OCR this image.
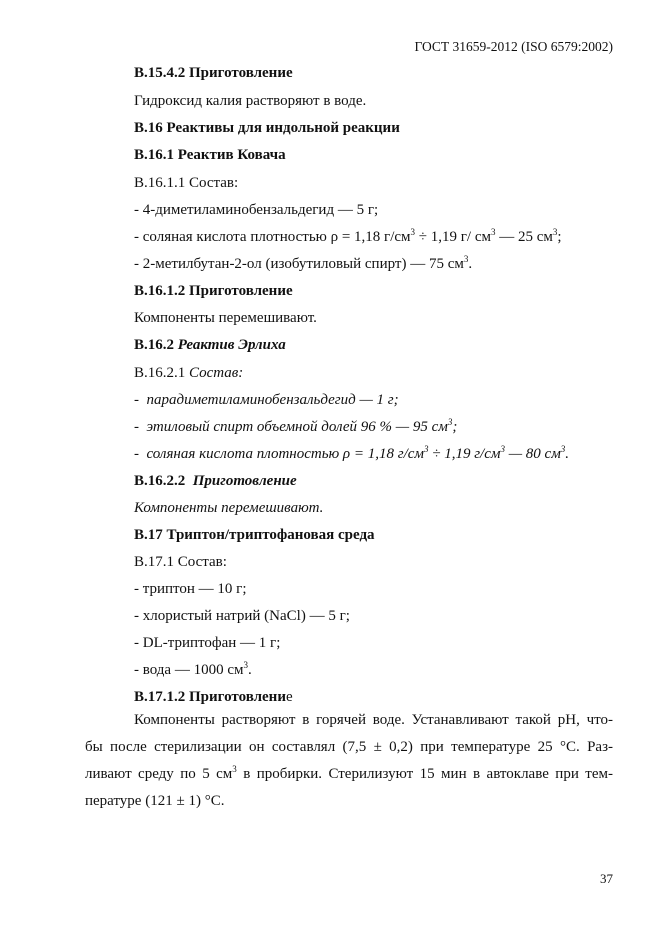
ГОСТ 31659-2012 (ISO 6579:2002)
В.15.4.2 Приготовление
Гидроксид калия растворяют в воде.
В.16 Реактивы для индольной реакции
В.16.1 Реактив Ковача
В.16.1.1 Состав:
- 4-диметиламинобензальдегид — 5 г;
- соляная кислота плотностью ρ = 1,18 $г/см^3 \div 1,19$ г/ $см^3$ — 25 $см^3$;
- 2-метилбутан-2-ол (изобутиловый спирт) — 75 $см^3$.
В.16.1.2 Приготовление
Компоненты перемешивают.
В.16.2 Реактив Эрлиха
В.16.2.1 Состав:
-  парадиметиламинобензальдегид — 1 г;
-  этиловый спирт объемной долей 96 % — 95 $см^3$;
-  соляная кислота плотностью ρ = 1,18 $г/см^3 \div 1,19$ $г/см^3$ — 80 $см^3$.
В.16.2.2  Приготовление
Компоненты перемешивают.
В.17 Триптон/триптофановая среда
В.17.1 Состав:
- триптон — 10 г;
- хлористый натрий (NaCl) — 5 г;
- DL-триптофан — 1 г;
- вода — 1000 $см^3$.
В.17.1.2 Приготовление

Компоненты растворяют в горячей воде. Устанавливают такой pH, что-

бы после стерилизации он составлял (7,5 ± 0,2) при температуре 25 °С. Раз-

ливают среду по 5 $см^3$ в пробирки. Стерилизуют 15 мин в автоклаве при тем-

пературе (121 ± 1) °С.

37
